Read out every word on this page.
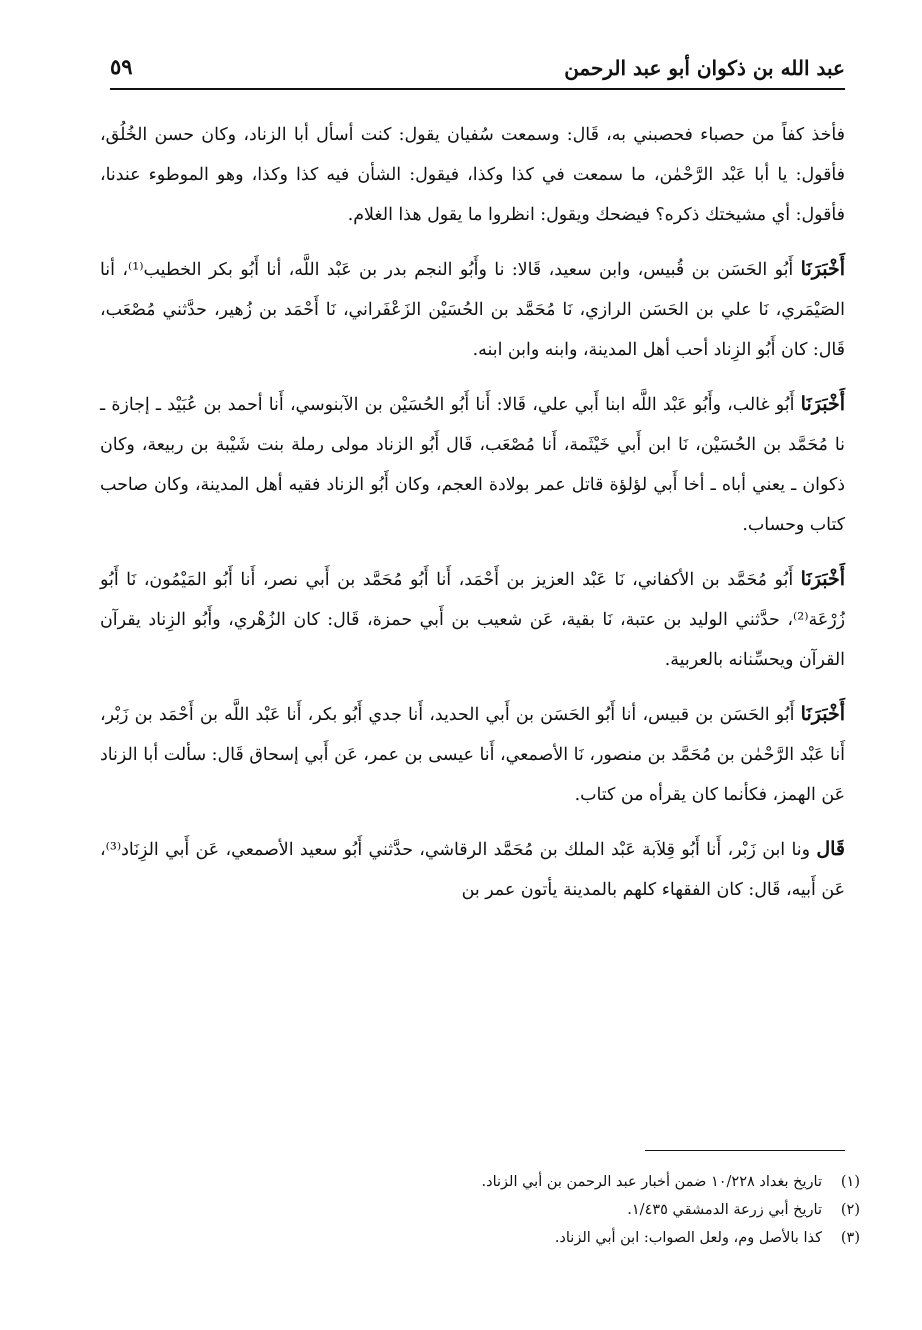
عبد الله بن ذكوان أبو عبد الرحمن
٥٩

فأخذ كفاً من حصباء فحصبني به، قَال: وسمعت سُفيان يقول: كنت أسأل أبا الزناد، وكان حسن الخُلُق، فأقول: يا أبا عَبْد الرَّحْمٰن، ما سمعت في كذا وكذا، فيقول: الشأن فيه كذا وكذا، وهو الموطوء عندنا، فأقول: أي مشيختك ذكره؟ فيضحك ويقول: انظروا ما يقول هذا الغلام.

أَخْبَرَنَا أَبُو الحَسَن بن قُبيس، وابن سعيد، قَالا: نا وأَبُو النجم بدر بن عَبْد اللَّه، أنا أَبُو بكر الخطيب⁽¹⁾، أنا الصَيْمَري، نَا علي بن الحَسَن الرازي، نَا مُحَمَّد بن الحُسَيْن الزَعْفَراني، نَا أَحْمَد بن زُهير، حدَّثني مُصْعَب، قَال: كان أَبُو الزِناد أحب أهل المدينة، وابنه وابن ابنه.

أَخْبَرَنَا أَبُو غالب، وأَبُو عَبْد اللَّه ابنا أَبي علي، قَالا: أَنا أَبُو الحُسَيْن بن الآبنوسي، أَنا أحمد بن عُبَيْد ـ إجازة ـ نا مُحَمَّد بن الحُسَيْن، نَا ابن أَبي خَيْثَمة، أَنا مُصْعَب، قَال أَبُو الزناد مولى رملة بنت شَيْبة بن ربيعة، وكان ذكوان ـ يعني أباه ـ أخا أَبي لؤلؤة قاتل عمر بولادة العجم، وكان أَبُو الزناد فقيه أهل المدينة، وكان صاحب كتاب وحساب.

أَخْبَرَنَا أَبُو مُحَمَّد بن الأكفاني، نَا عَبْد العزيز بن أَحْمَد، أَنا أَبُو مُحَمَّد بن أَبي نصر، أَنا أَبُو المَيْمُون، نَا أَبُو زُرْعَة⁽²⁾، حدَّثني الوليد بن عتبة، نَا بقية، عَن شعيب بن أَبي حمزة، قَال: كان الزُهْري، وأَبُو الزِناد يقرآن القرآن ويحسِّنانه بالعربية.

أَخْبَرَنَا أَبُو الحَسَن بن قبيس، أنا أَبُو الحَسَن بن أَبي الحديد، أَنا جدي أَبُو بكر، أَنا عَبْد اللَّه بن أَحْمَد بن زَبْر، أَنا عَبْد الرَّحْمٰن بن مُحَمَّد بن منصور، نَا الأصمعي، أَنا عيسى بن عمر، عَن أَبي إسحاق قَال: سألت أبا الزناد عَن الهمز، فكأنما كان يقرأه من كتاب.

قَال ونا ابن زَبْر، أَنا أَبُو قِلاَبة عَبْد الملك بن مُحَمَّد الرقاشي، حدَّثني أَبُو سعيد الأصمعي، عَن أَبي الزِنَاد⁽³⁾، عَن أَبيه، قَال: كان الفقهاء كلهم بالمدينة يأتون عمر بن

(١)تاريخ بغداد ١٠/٢٢٨ ضمن أخبار عبد الرحمن بن أبي الزناد.
(٢)تاريخ أبي زرعة الدمشقي ١/٤٣٥.
(٣)كذا بالأصل وم، ولعل الصواب: ابن أبي الزناد.
